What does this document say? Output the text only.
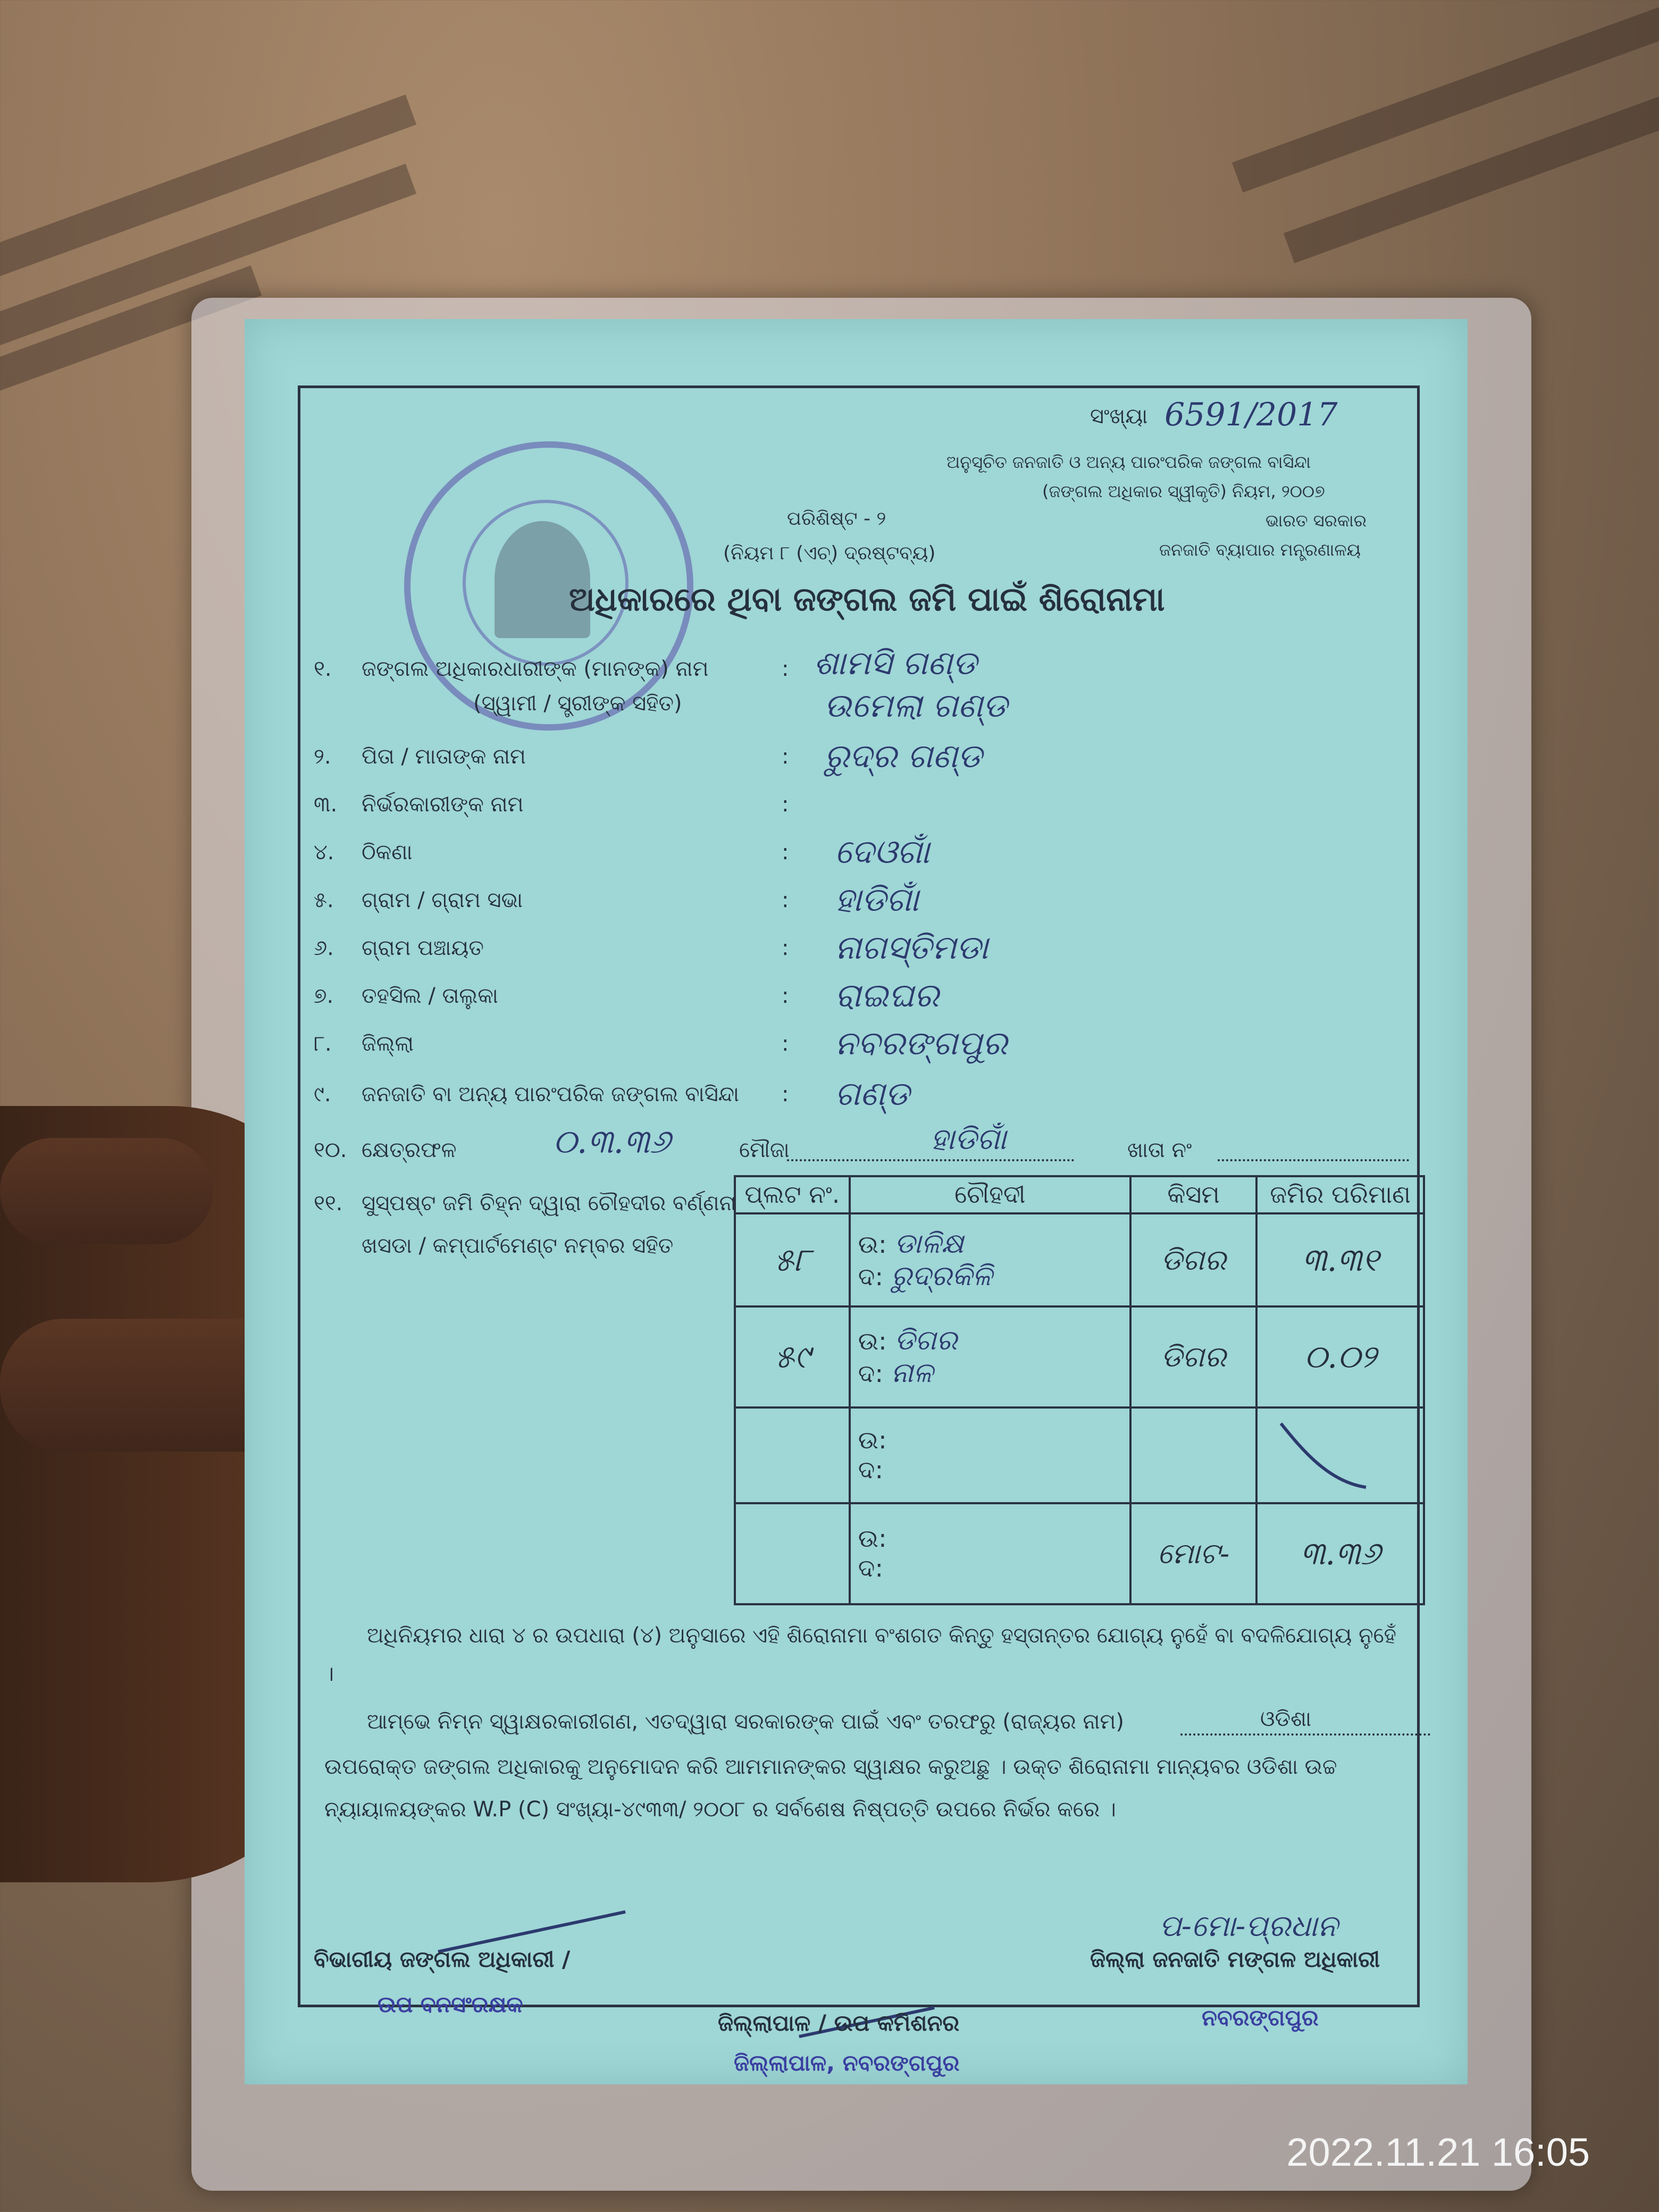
ସଂଖ୍ୟା 6591/2017
ଅନୁସୂଚିତ ଜନଜାତି ଓ ଅନ୍ୟ ପାରଂପରିକ ଜଙ୍ଗଲ ବାସିନ୍ଦା
(ଜଙ୍ଗଲ ଅଧିକାର ସ୍ୱୀକୃତି) ନିୟମ, ୨୦୦୭
ଭାରତ ସରକାର
ଜନଜାତି ବ୍ୟାପାର ମନ୍ତ୍ରଣାଳୟ
ପରିଶିଷ୍ଟ - ୨
(ନିୟମ ୮ (ଏଚ୍) ଦ୍ରଷ୍ଟବ୍ୟ)
ଅଧିକାରରେ ଥିବା ଜଙ୍ଗଲ ଜମି ପାଇଁ ଶିରୋନାମା
୧. ଜଙ୍ଗଲ ଅଧିକାରଧାରୀଙ୍କ (ମାନଙ୍କ) ନାମ
(ସ୍ୱାମୀ / ସ୍ତ୍ରୀଙ୍କ ସହିତ)
: ଶାମସି ଗଣ୍ଡ
ଉମେଲା ଗଣ୍ଡ
୨. ପିତା / ମାତାଙ୍କ ନାମ	: ରୁଦ୍ର ଗଣ୍ଡ
୩. ନିର୍ଭରକାରୀଙ୍କ ନାମ	:
୪. ଠିକଣା	: ଦେଓଗାଁ
୫. ଗ୍ରାମ / ଗ୍ରାମ ସଭା	: ହାଡିଗାଁ
୬. ଗ୍ରାମ ପଞ୍ଚାୟତ	: ନାଗସ୍ତିମଡା
୭. ତହସିଲ / ତାଲୁକା	: ରାଇଘର
୮. ଜିଲ୍ଲା	: ନବରଙ୍ଗପୁର
୯. ଜନଜାତି ବା ଅନ୍ୟ ପାରଂପରିକ ଜଙ୍ଗଲ ବାସିନ୍ଦା : ଗଣ୍ଡ
୧୦. କ୍ଷେତ୍ରଫଳ	୦.୩.୩୬	ମୌଜା	ହାଡିଗାଁ	ଖାତା ନଂ
୧୧. ସୁସ୍ପଷ୍ଟ ଜମି ଚିହ୍ନ ଦ୍ୱାରା ଚୌହଦୀର ବର୍ଣ୍ଣନା
ଖସଡା / କମ୍ପାର୍ଟମେଣ୍ଟ ନମ୍ବର ସହିତ
ପ୍ଲଟ ନଂ.	ଚୌହଦୀ	କିସମ	ଜମିର ପରିମାଣ
୫୮	ଉ: ଡାଳିକ୍ଷ
ଦ: ରୁଦ୍ରକିଳି	ଡିଗର	୩.୩୧
୫୯	ଉ: ଡିଗର
ଦ: ନାଳ	ଡିଗର	୦.୦୨

	ଉ:
ଦ:

	ଉ:
ଦ:	ମୋଟ-	୩.୩୬
ଅଧିନିୟମର ଧାରା ୪ ର ଉପଧାରା (୪) ଅନୁସାରେ ଏହି ଶିରୋନାମା ବଂଶଗତ କିନ୍ତୁ ହସ୍ତାନ୍ତର ଯୋଗ୍ୟ ନୁହେଁ ବା ବଦଳିଯୋଗ୍ୟ ନୁହେଁ ।
ଆମ୍ଭେ ନିମ୍ନ ସ୍ୱାକ୍ଷରକାରୀଗଣ, ଏତଦ୍ୱାରା ସରକାରଙ୍କ ପାଇଁ ଏବଂ ତରଫରୁ (ରାଜ୍ୟର ନାମ)	ଓଡିଶା
ଉପରୋକ୍ତ ଜଙ୍ଗଲ ଅଧିକାରକୁ ଅନୁମୋଦନ କରି ଆମମାନଙ୍କର ସ୍ୱାକ୍ଷର କରୁଅଛୁ । ଉକ୍ତ ଶିରୋନାମା ମାନ୍ୟବର ଓଡିଶା ଉଚ୍ଚ
ନ୍ୟାୟାଳୟଙ୍କର W.P (C) ସଂଖ୍ୟା-୪୯୩୩/ ୨୦୦୮ ର ସର୍ବଶେଷ ନିଷ୍ପତ୍ତି ଉପରେ ନିର୍ଭର କରେ ।
ପ-ମୋ-ପ୍ରଧାନ
ବିଭାଗୀୟ ଜଙ୍ଗଲ ଅଧିକାରୀ /
ଉପ ବନସଂରକ୍ଷକ
ଜିଲ୍ଲାପାଳ / ଉପ କମିଶନର
ଜିଲ୍ଲାପାଳ, ନବରଙ୍ଗପୁର
ଜିଲ୍ଲା ଜନଜାତି ମଙ୍ଗଳ ଅଧିକାରୀ
ନବରଙ୍ଗପୁର
2022.11.21 16:05
